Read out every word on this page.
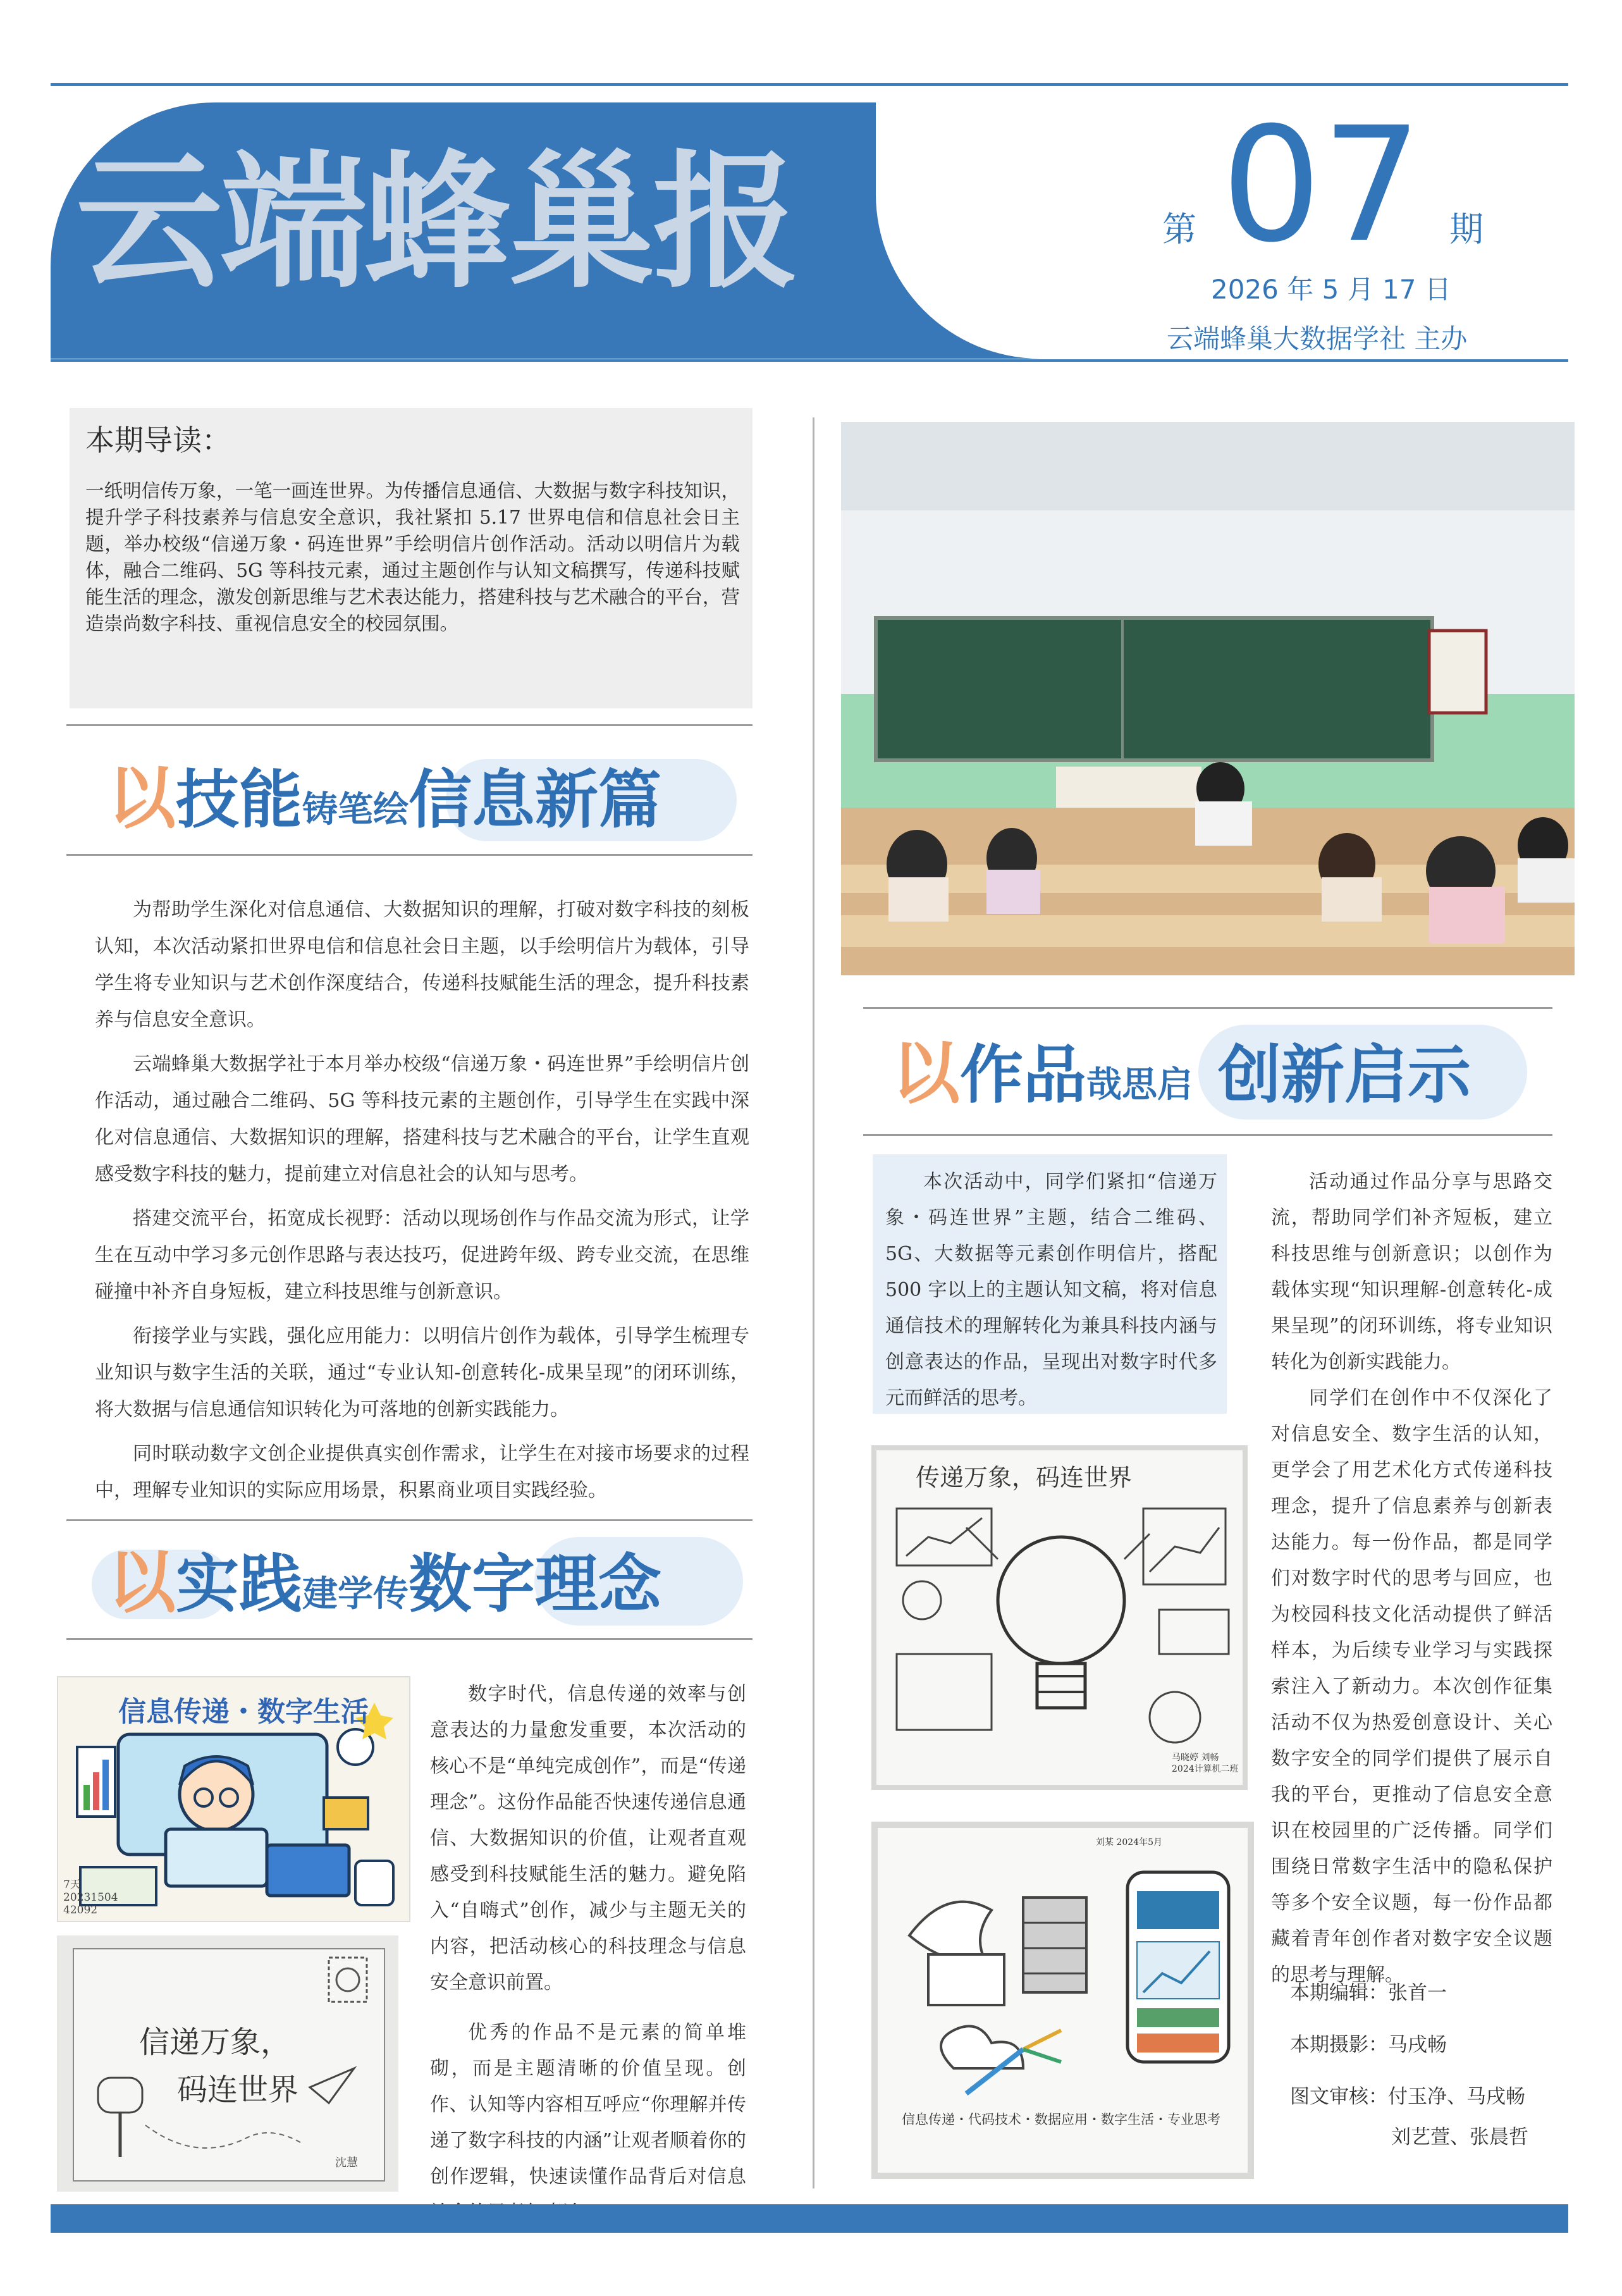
云端蜂巢报	第 07 期
2026 年 5 月 17 日
云端蜂巢大数据学社 主办
本期导读：
一纸明信传万象，一笔一画连世界。为传播信息通信、大数据与数字科技知识，提升学子科技素养与信息安全意识，我社紧扣 5.17 世界电信和信息社会日主题，举办校级“信递万象・码连世界”手绘明信片创作活动。活动以明信片为载体，融合二维码、5G 等科技元素，通过主题创作与认知文稿撰写，传递科技赋能生活的理念，激发创新思维与艺术表达能力，搭建科技与艺术融合的平台，营造崇尚数字科技、重视信息安全的校园氛围。
以技能铸笔绘信息新篇

为帮助学生深化对信息通信、大数据知识的理解，打破对数字科技的刻板认知，本次活动紧扣世界电信和信息社会日主题，以手绘明信片为载体，引导学生将专业知识与艺术创作深度结合，传递科技赋能生活的理念，提升科技素养与信息安全意识。

云端蜂巢大数据学社于本月举办校级“信递万象・码连世界”手绘明信片创作活动，通过融合二维码、5G 等科技元素的主题创作，引导学生在实践中深化对信息通信、大数据知识的理解，搭建科技与艺术融合的平台，让学生直观感受数字科技的魅力，提前建立对信息社会的认知与思考。

搭建交流平台，拓宽成长视野：活动以现场创作与作品交流为形式，让学生在互动中学习多元创作思路与表达技巧，促进跨年级、跨专业交流，在思维碰撞中补齐自身短板，建立科技思维与创新意识。

衔接学业与实践，强化应用能力：以明信片创作为载体，引导学生梳理专业知识与数字生活的关联，通过“专业认知-创意转化-成果呈现”的闭环训练，将大数据与信息通信知识转化为可落地的创新实践能力。

同时联动数字文创企业提供真实创作需求，让学生在对接市场要求的过程中，理解专业知识的实际应用场景，积累商业项目实践经验。

以实践建学传数字理念
信息传递・数字生活
7天
20231504
42092
信递万象，
码连世界
沈慧

数字时代，信息传递的效率与创意表达的力量愈发重要，本次活动的核心不是“单纯完成创作”，而是“传递理念”。这份作品能否快速传递信息通信、大数据知识的价值，让观者直观感受到科技赋能生活的魅力。避免陷入“自嗨式”创作，减少与主题无关的内容，把活动核心的科技理念与信息安全意识前置。

优秀的作品不是元素的简单堆砌，而是主题清晰的价值呈现。创作、认知等内容相互呼应“你理解并传递了数字科技的内涵”让观者顺着你的创作逻辑，快速读懂作品背后对信息

以作品哉思启 创新启示

本次活动中，同学们紧扣“信递万象・码连世界”主题，结合二维码、5G、大数据等元素创作明信片，搭配 500 字以上的主题认知文稿，将对信息通信技术的理解转化为兼具科技内涵与创意表达的作品，呈现出对数字时代多元而鲜活的思考。

传递万象，码连世界
马晓婷 刘畅
2024计算机二班
刘某 2024年5月
信息传递・代码技术・数据应用・数字生活・专业思考

活动通过作品分享与思路交流，帮助同学们补齐短板，建立科技思维与创新意识；以创作为载体实现“知识理解-创意转化-成果呈现”的闭环训练，将专业知识转化为创新实践能力。

同学们在创作中不仅深化了对信息安全、数字生活的认知，更学会了用艺术化方式传递科技理念，提升了信息素养与创新表达能力。每一份作品，都是同学们对数字时代的思考与回应，也为校园科技文化活动提供了鲜活样本，为后续专业学习与实践探索注入了新动力。本次创作征集活动不仅为热爱创意设计、关心数字安全的同学们提供了展示自我的平台，更推动了信息安全意识在校园里的广泛传播。同学们围绕日常数字生活中的隐私保护等多个安全议题，每一份作品都藏着青年创作者对数字安全议题的思考与理解。

本期编辑：张首一
本期摄影：马戌畅
图文审核：付玉净、马戌畅
刘艺萱、张晨哲
